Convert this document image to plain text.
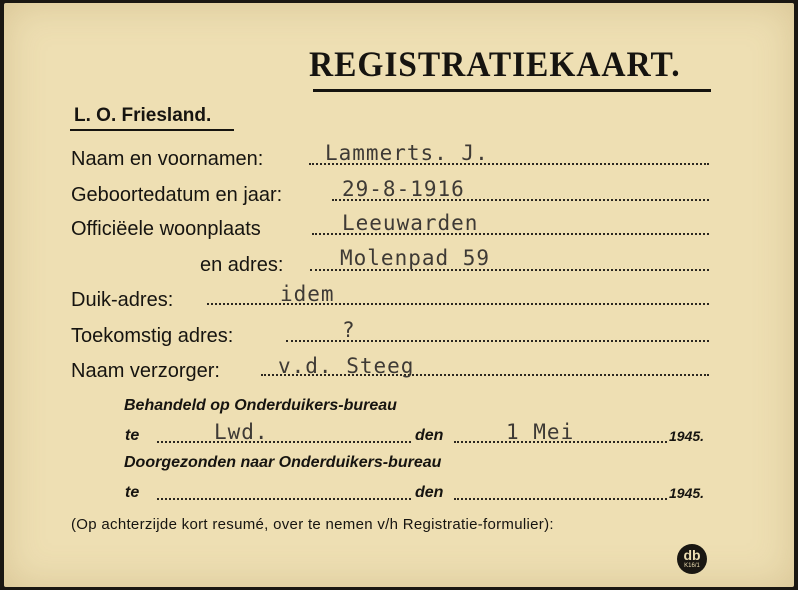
REGISTRATIEKAART.
L. O. Friesland.
Naam en voornamen:	Lammerts. J.
Geboortedatum en jaar:	29-8-1916
Officiëele woonplaats	Leeuwarden
en adres:	Molenpad 59
Duik-adres:	idem
Toekomstig adres:	?
Naam verzorger:	v.d. Steeg
Behandeld op Onderduikers-bureau
te	Lwd.	den	1 Mei	1945.
Doorgezonden naar Onderduikers-bureau
te	den	1945.
(Op achterzijde kort resumé, over te nemen v/h Registratie-formulier):
db
K16/1
